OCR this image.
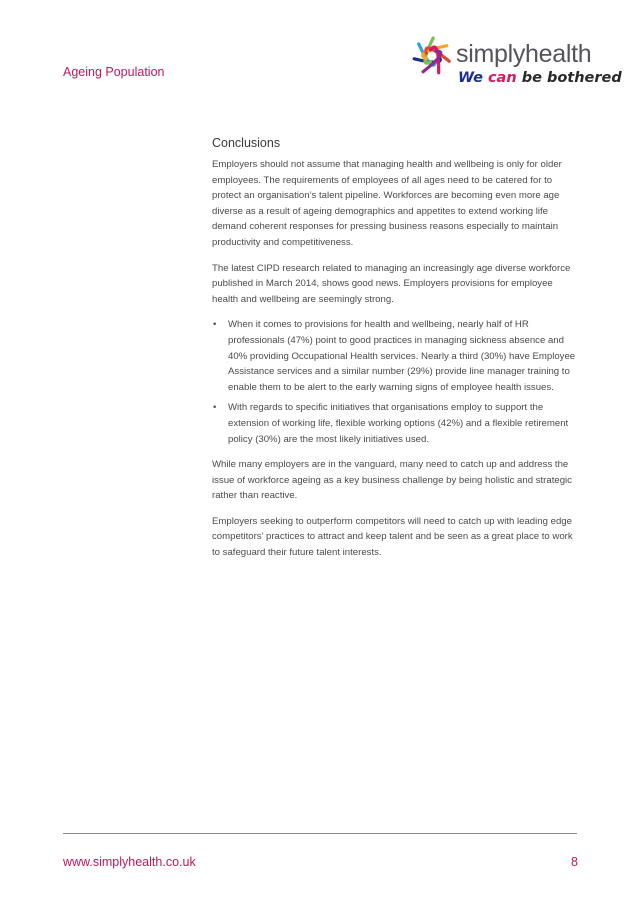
Ageing Population
simplyhealth
We can be bothered
Conclusions

Employers should not assume that managing health and wellbeing is only for older employees. The requirements of employees of all ages need to be catered for to protect an organisation’s talent pipeline. Workforces are becoming even more age diverse as a result of ageing demographics and appetites to extend working life demand coherent responses for pressing business reasons especially to maintain productivity and competitiveness.

The latest CIPD research related to managing an increasingly age diverse workforce published in March 2014, shows good news. Employers provisions for employee health and wellbeing are seemingly strong.

• When it comes to provisions for health and wellbeing, nearly half of HR professionals (47%) point to good practices in managing sickness absence and 40% providing Occupational Health services. Nearly a third (30%) have Employee Assistance services and a similar number (29%) provide line manager training to enable them to be alert to the early warning signs of employee health issues.
• With regards to specific initiatives that organisations employ to support the extension of working life, flexible working options (42%) and a flexible retirement policy (30%) are the most likely initiatives used.

While many employers are in the vanguard, many need to catch up and address the issue of workforce ageing as a key business challenge by being holistic and strategic rather than reactive.

Employers seeking to outperform competitors will need to catch up with leading edge competitors’ practices to attract and keep talent and be seen as a great place to work to safeguard their future talent interests.

www.simplyhealth.co.uk	8
